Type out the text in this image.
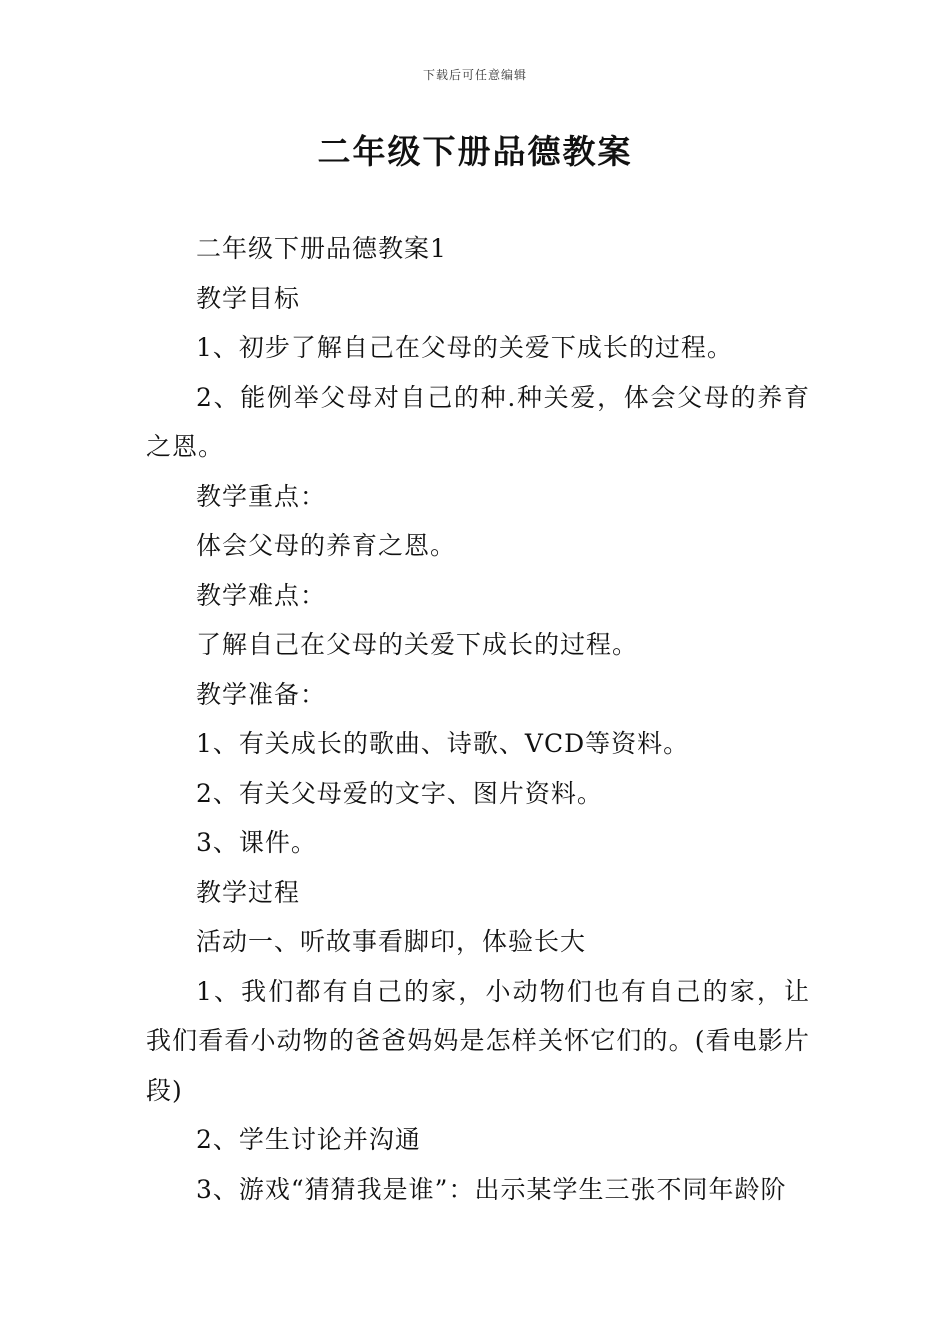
下载后可任意编辑
二年级下册品德教案

二年级下册品德教案1

教学目标

1、初步了解自己在父母的关爱下成长的过程。

2、能例举父母对自己的种.种关爱，体会父母的养育之恩。

教学重点：

体会父母的养育之恩。

教学难点：

了解自己在父母的关爱下成长的过程。

教学准备：

1、有关成长的歌曲、诗歌、VCD等资料。

2、有关父母爱的文字、图片资料。

3、课件。

教学过程

活动一、听故事看脚印，体验长大

1、我们都有自己的家，小动物们也有自己的家，让我们看看小动物的爸爸妈妈是怎样关怀它们的。(看电影片段)

2、学生讨论并沟通

3、游戏“猜猜我是谁”：出示某学生三张不同年龄阶
